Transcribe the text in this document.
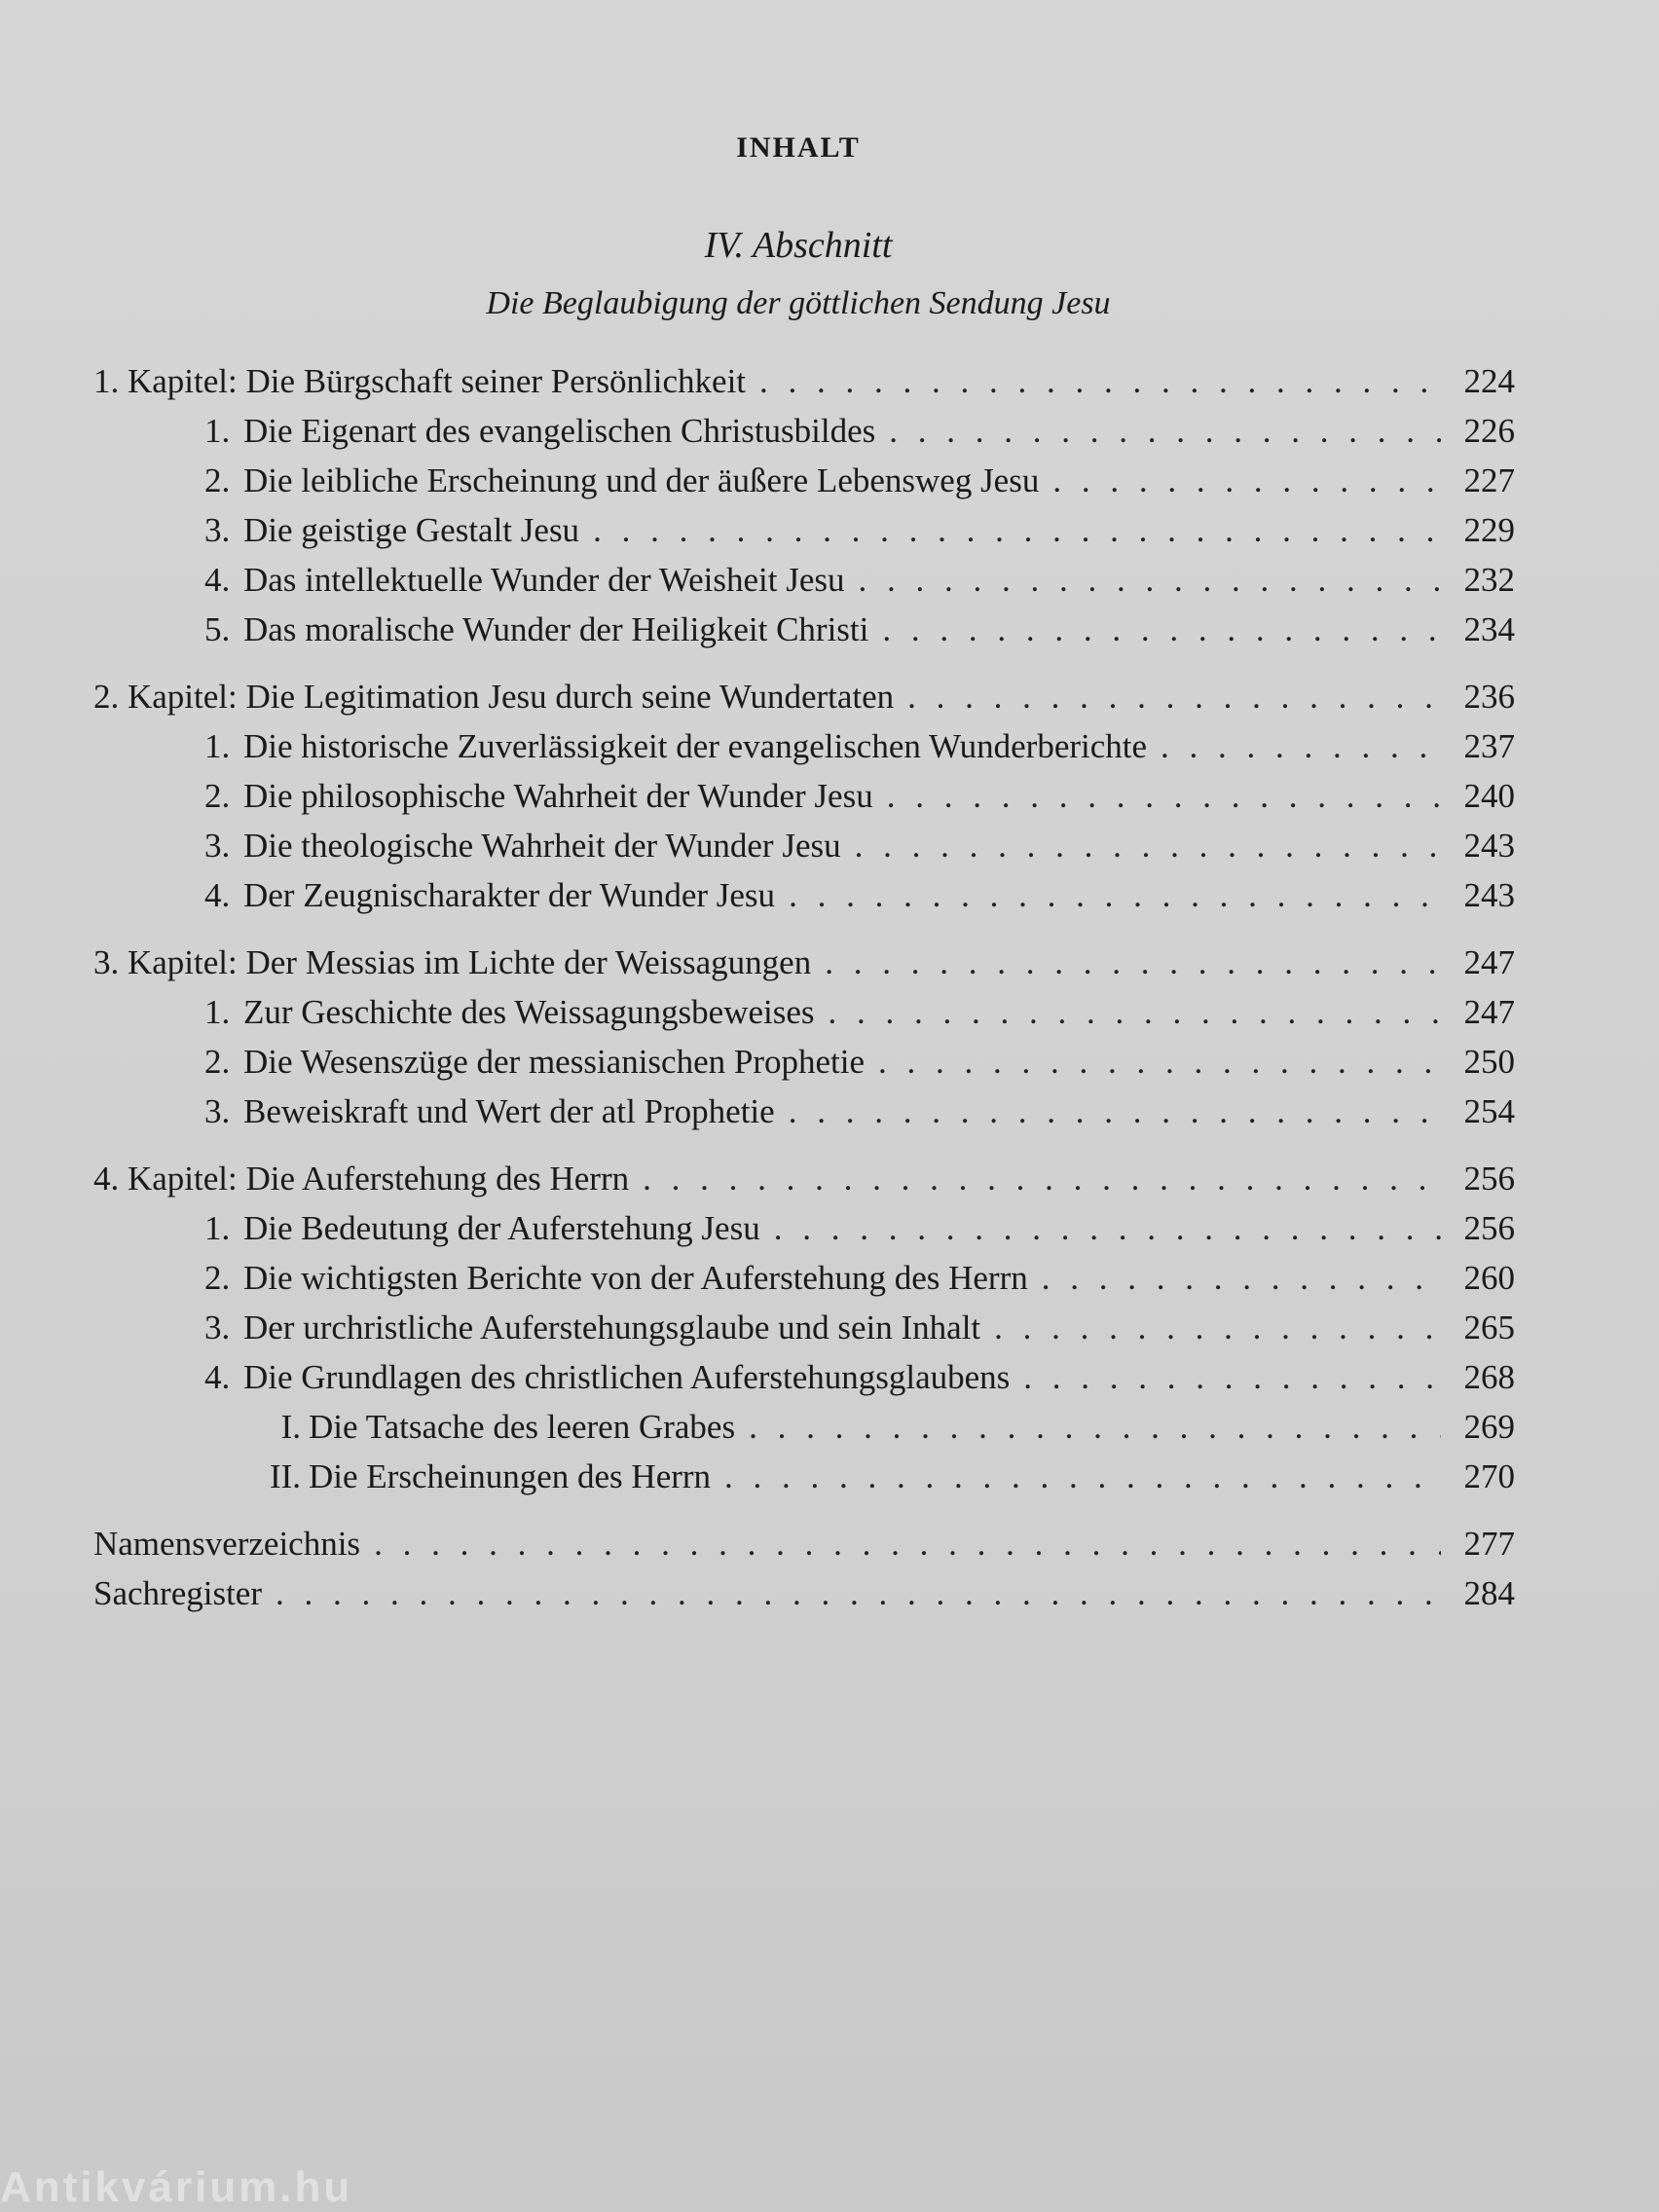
INHALT
IV. Abschnitt
Die Beglaubigung der göttlichen Sendung Jesu
1. Kapitel: Die Bürgschaft seiner Persönlichkeit . . .	224
1. Die Eigenart des evangelischen Christusbildes . . .	226
2. Die leibliche Erscheinung und der äußere Lebensweg Jesu . . .	227
3. Die geistige Gestalt Jesu . . .	229
4. Das intellektuelle Wunder der Weisheit Jesu . . .	232
5. Das moralische Wunder der Heiligkeit Christi . . .	234
2. Kapitel: Die Legitimation Jesu durch seine Wundertaten . . .	236
1. Die historische Zuverlässigkeit der evangelischen Wunderberichte . . .	237
2. Die philosophische Wahrheit der Wunder Jesu . . .	240
3. Die theologische Wahrheit der Wunder Jesu . . .	243
4. Der Zeugnischarakter der Wunder Jesu . . .	243
3. Kapitel: Der Messias im Lichte der Weissagungen . . .	247
1. Zur Geschichte des Weissagungsbeweises . . .	247
2. Die Wesenszüge der messianischen Prophetie . . .	250
3. Beweiskraft und Wert der atl Prophetie . . .	254
4. Kapitel: Die Auferstehung des Herrn . . .	256
1. Die Bedeutung der Auferstehung Jesu . . .	256
2. Die wichtigsten Berichte von der Auferstehung des Herrn . . .	260
3. Der urchristliche Auferstehungsglaube und sein Inhalt . . .	265
4. Die Grundlagen des christlichen Auferstehungsglaubens . . .	268
I. Die Tatsache des leeren Grabes . . .	269
II. Die Erscheinungen des Herrn . . .	270
Namensverzeichnis . . .	277
Sachregister . . .	284
Antikvárium.hu
